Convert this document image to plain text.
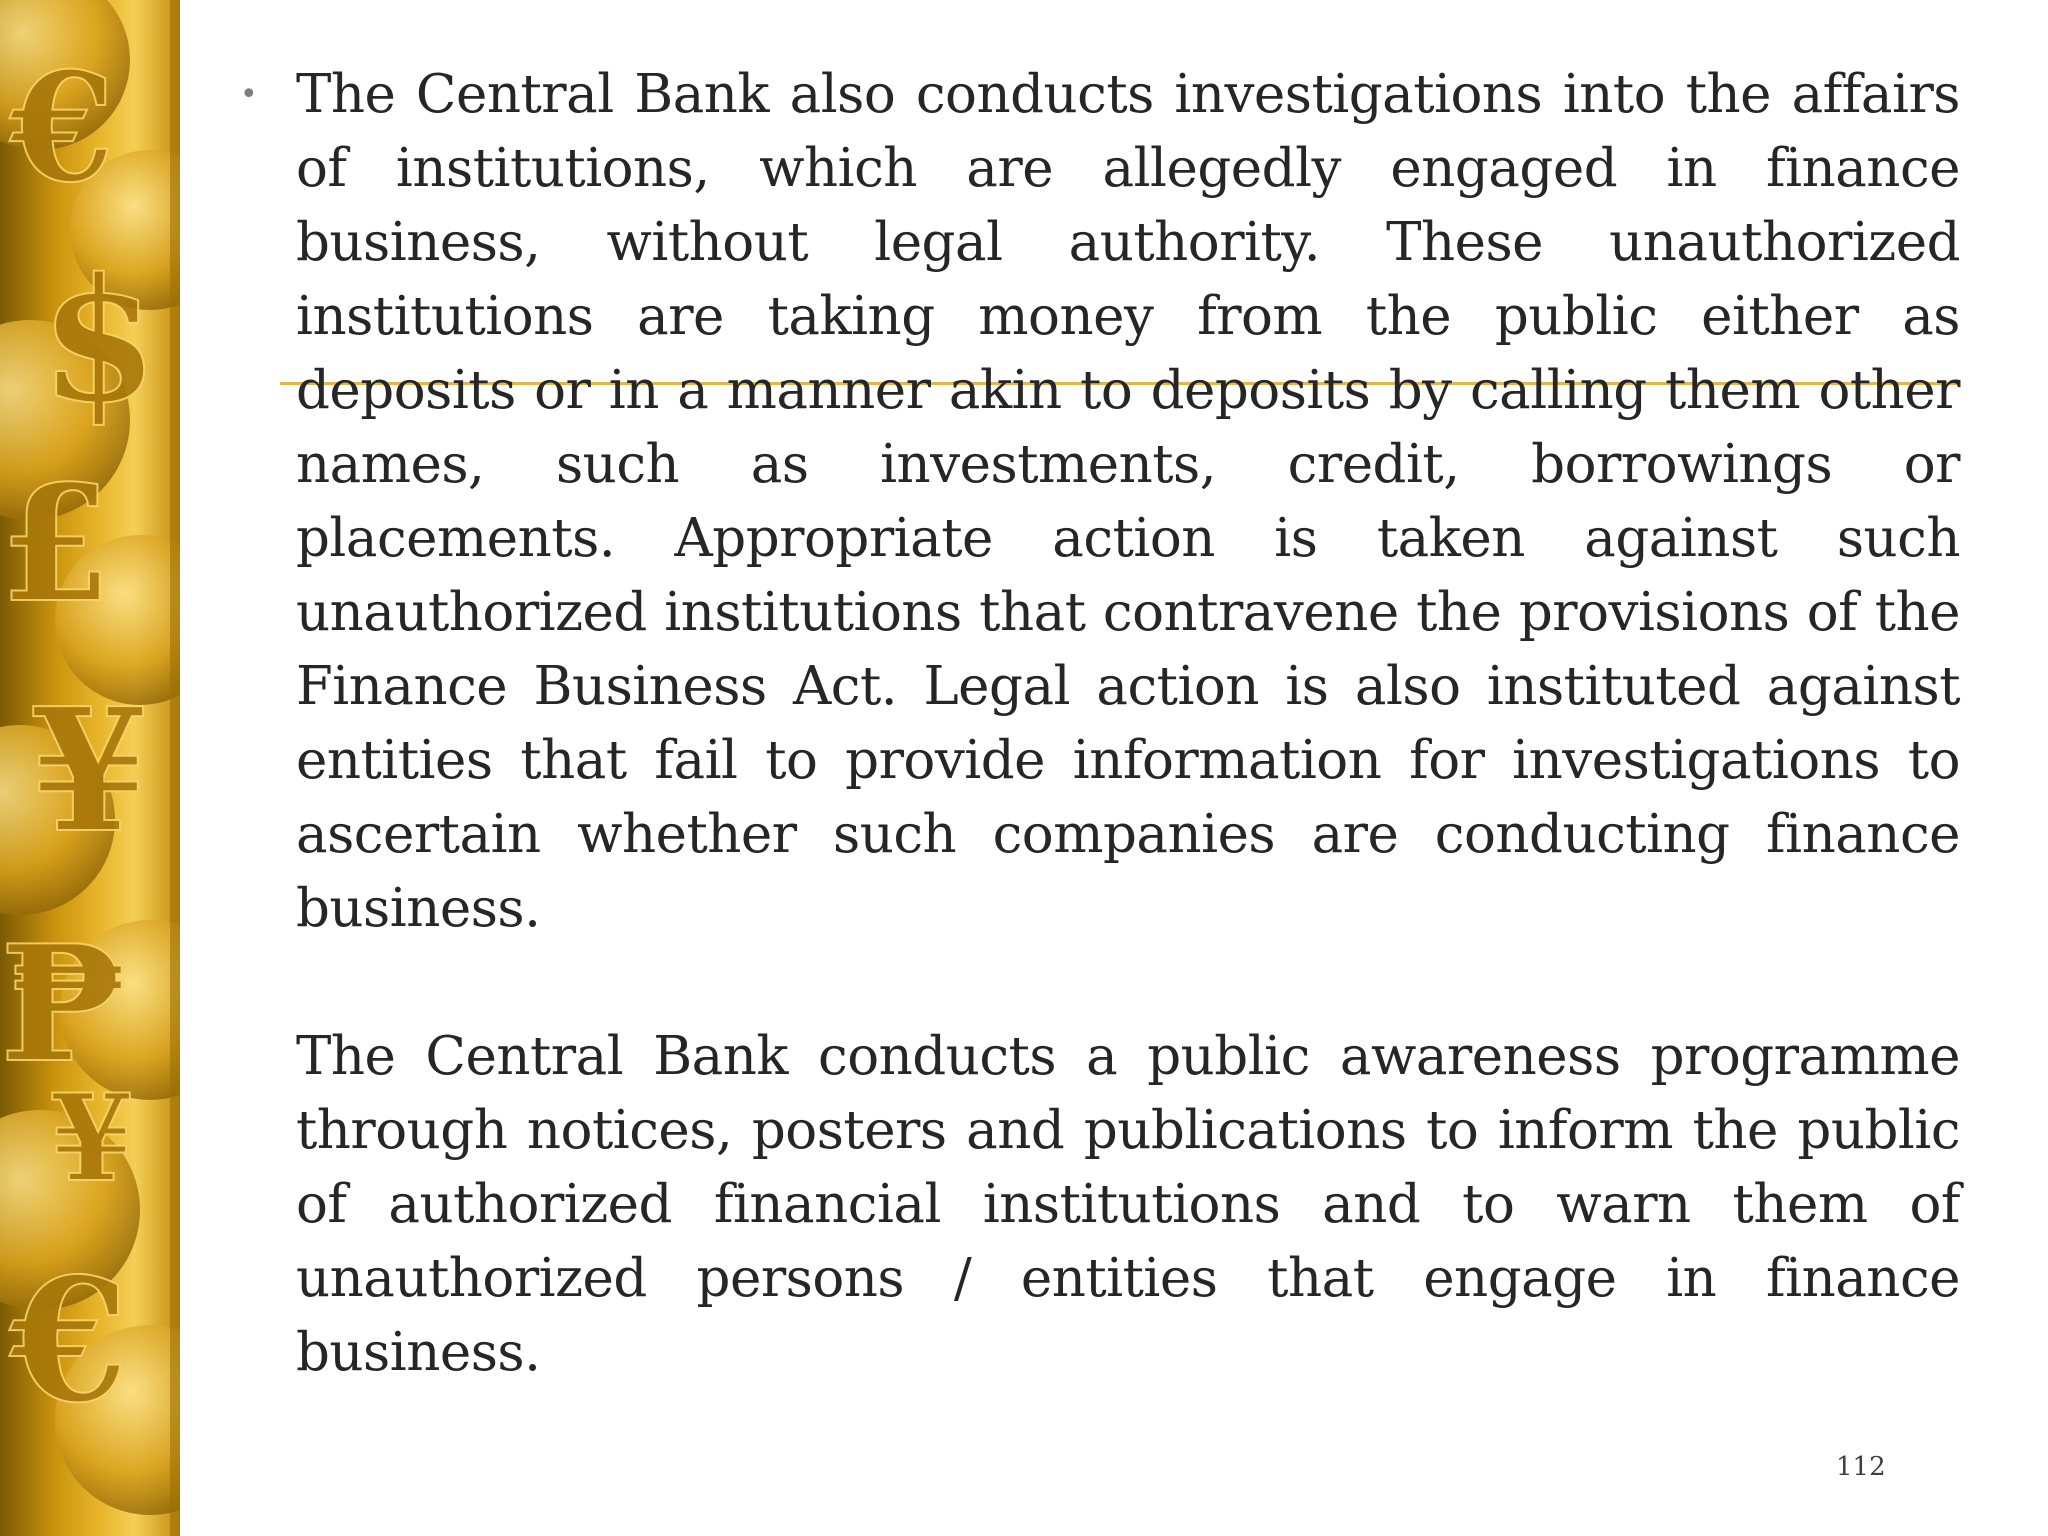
€
$
£
¥
₱
¥
€
• The Central Bank also conducts investigations into the affairs of institutions, which are allegedly engaged in finance business, without legal authority. These unauthorized institutions are taking money from the public either as deposits or in a manner akin to deposits by calling them other names, such as investments, credit, borrowings or placements. Appropriate action is taken against such unauthorized institutions that contravene the provisions of the Finance Business Act. Legal action is also instituted against entities that fail to provide information for investigations to ascertain whether such companies are conducting finance business.

The Central Bank conducts a public awareness programme through notices, posters and publications to inform the public of authorized financial institutions and to warn them of unauthorized persons / entities that engage in finance business.

112
